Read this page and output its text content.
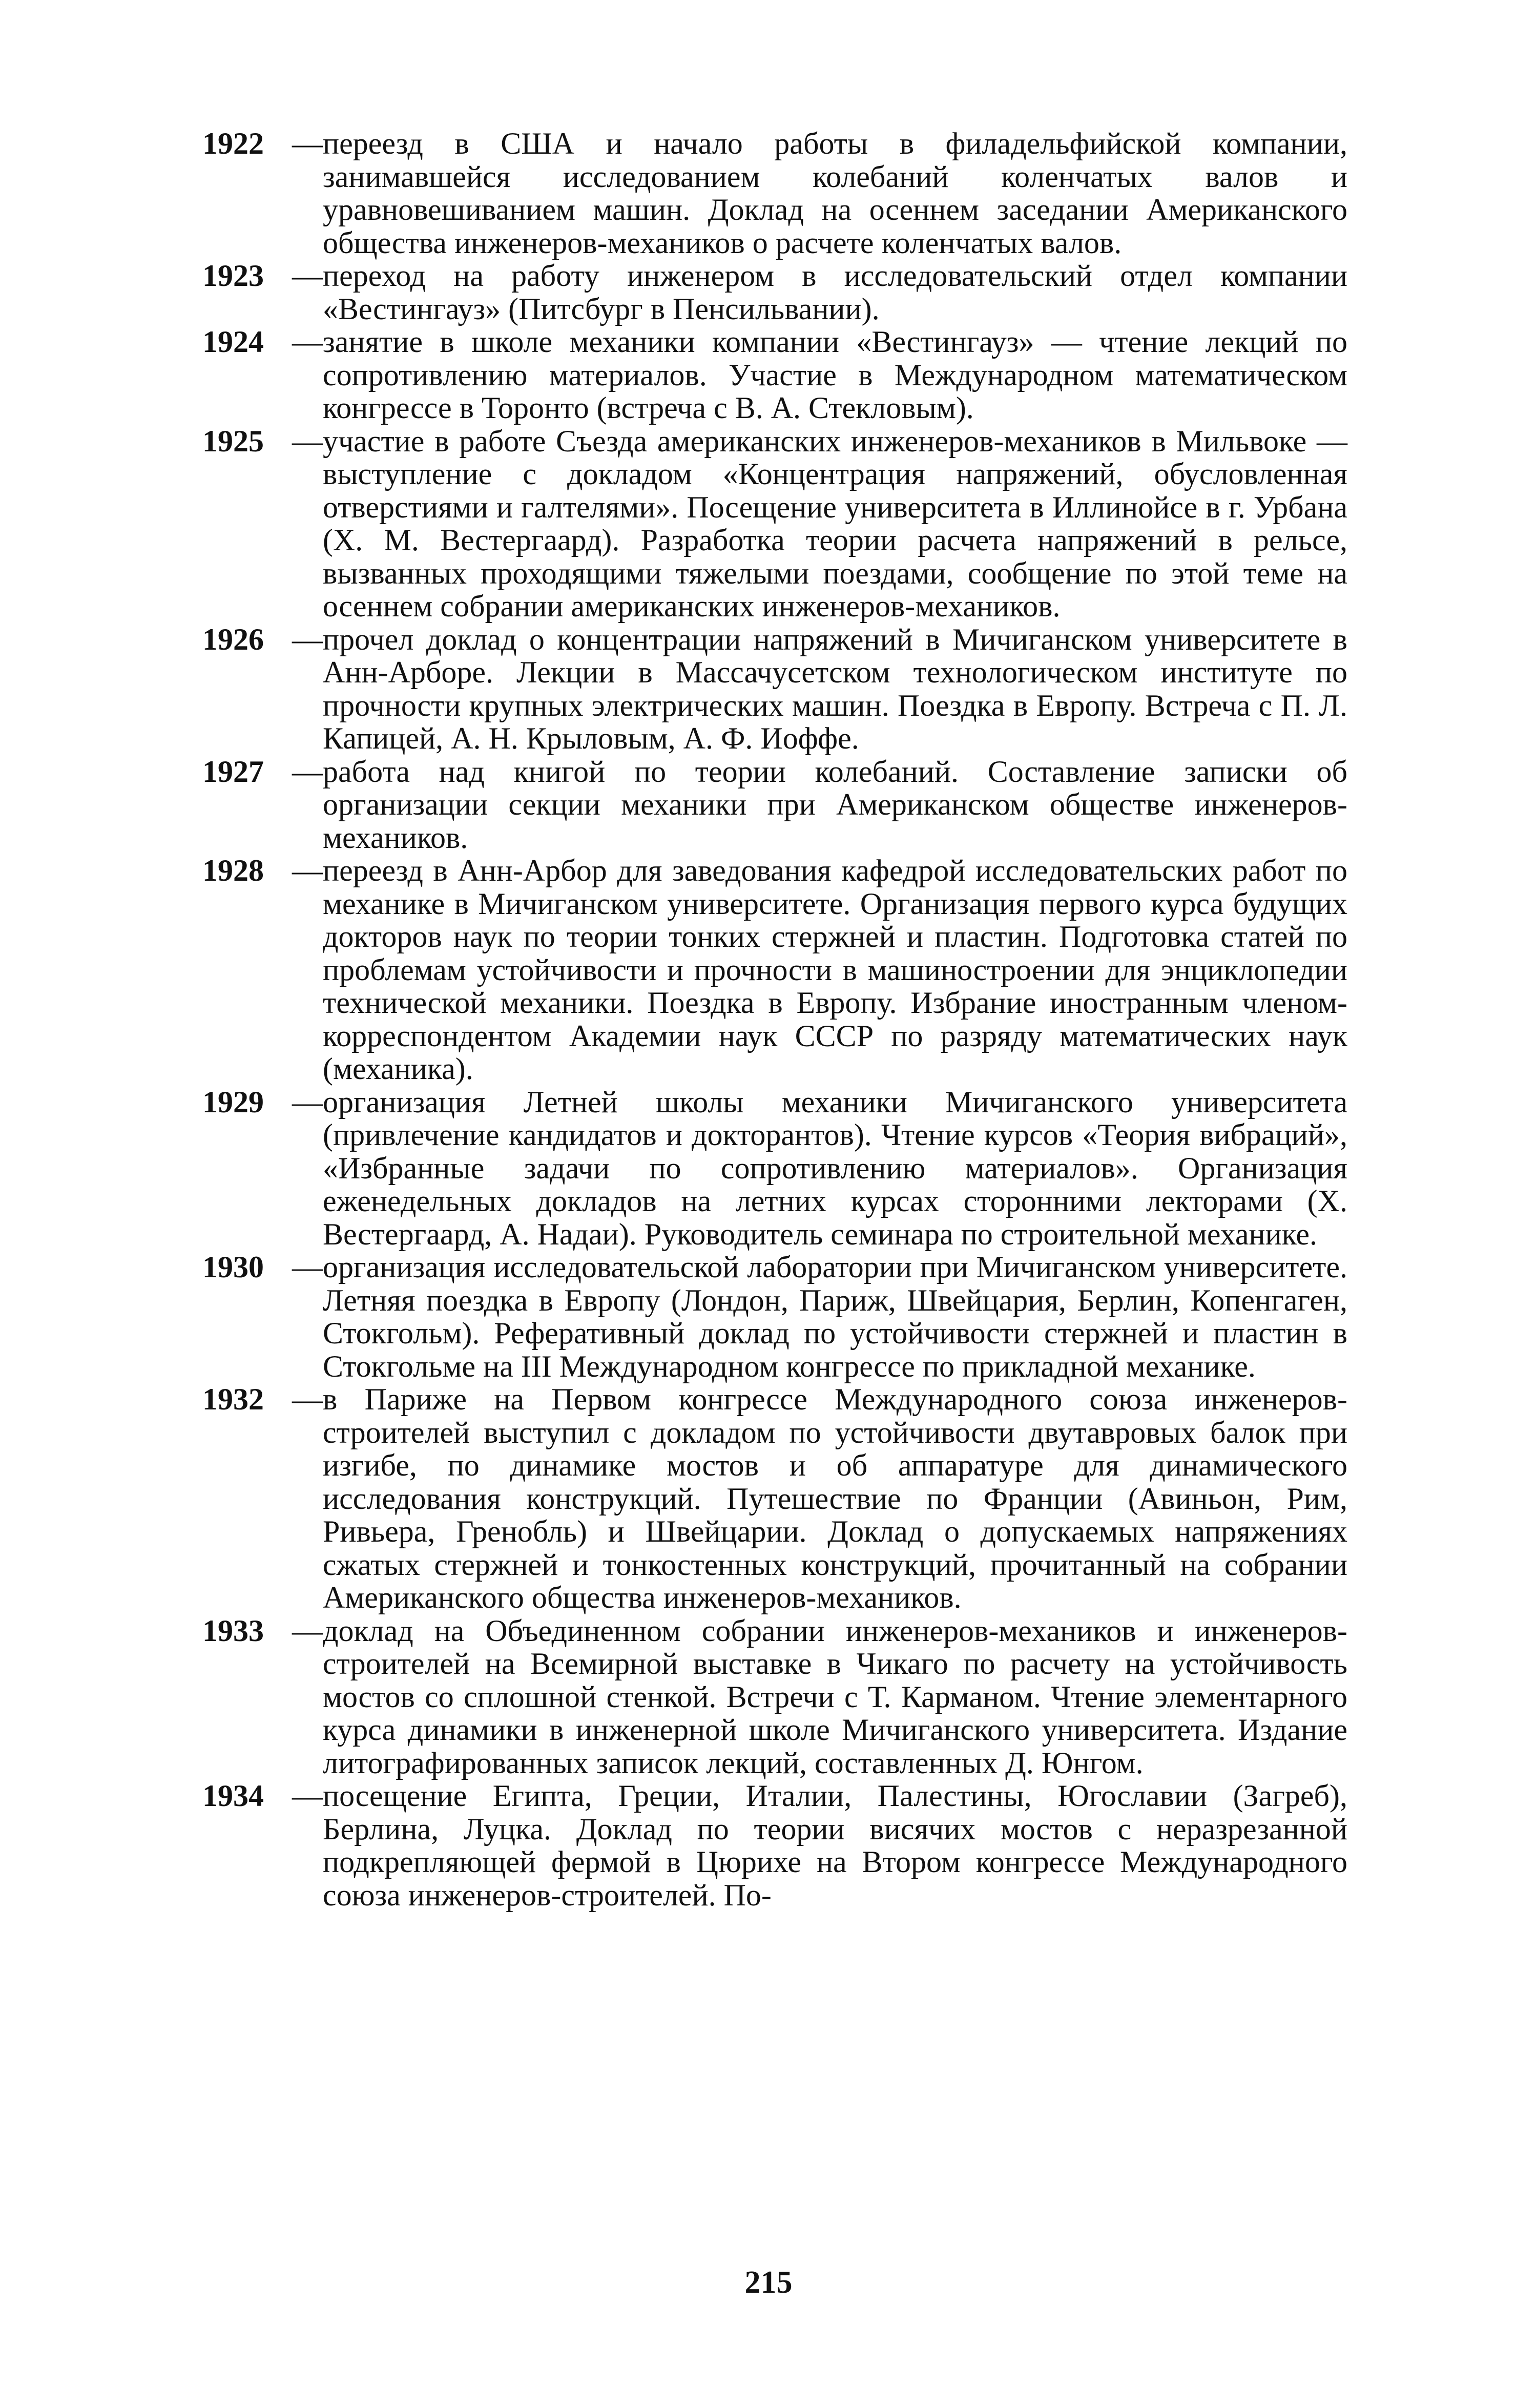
1922 — переезд в США и начало работы в филадельфийской компании, занимавшейся исследованием колебаний коленчатых валов и уравновешиванием машин. Доклад на осеннем заседании Американского общества инженеров-механиков о расчете коленчатых валов.
1923 — переход на работу инженером в исследовательский отдел компании «Вестингауз» (Питсбург в Пенсильвании).
1924 — занятие в школе механики компании «Вестингауз» — чтение лекций по сопротивлению материалов. Участие в Международном математическом конгрессе в Торонто (встреча с В. А. Стекловым).
1925 — участие в работе Съезда американских инженеров-механиков в Мильвоке — выступление с докладом «Концентрация напряжений, обусловленная отверстиями и галтелями». Посещение университета в Иллинойсе в г. Урбана (Х. М. Вестергаард). Разработка теории расчета напряжений в рельсе, вызванных проходящими тяжелыми поездами, сообщение по этой теме на осеннем собрании американских инженеров-механиков.
1926 — прочел доклад о концентрации напряжений в Мичиганском университете в Анн-Арборе. Лекции в Массачусетском технологическом институте по прочности крупных электрических машин. Поездка в Европу. Встреча с П. Л. Капицей, А. Н. Крыловым, А. Ф. Иоффе.
1927 — работа над книгой по теории колебаний. Составление записки об организации секции механики при Американском обществе инженеров-механиков.
1928 — переезд в Анн-Арбор для заведования кафедрой исследовательских работ по механике в Мичиганском университете. Организация первого курса будущих докторов наук по теории тонких стержней и пластин. Подготовка статей по проблемам устойчивости и прочности в машиностроении для энциклопедии технической механики. Поездка в Европу. Избрание иностранным членом-корреспондентом Академии наук СССР по разряду математических наук (механика).
1929 — организация Летней школы механики Мичиганского университета (привлечение кандидатов и докторантов). Чтение курсов «Теория вибраций», «Избранные задачи по сопротивлению материалов». Организация еженедельных докладов на летних курсах сторонними лекторами (Х. Вестергаард, А. Надаи). Руководитель семинара по строительной механике.
1930 — организация исследовательской лаборатории при Мичиганском университете. Летняя поездка в Европу (Лондон, Париж, Швейцария, Берлин, Копенгаген, Стокгольм). Реферативный доклад по устойчивости стержней и пластин в Стокгольме на III Международном конгрессе по прикладной механике.
1932 — в Париже на Первом конгрессе Международного союза инженеров-строителей выступил с докладом по устойчивости двутавровых балок при изгибе, по динамике мостов и об аппаратуре для динамического исследования конструкций. Путешествие по Франции (Авиньон, Рим, Ривьера, Гренобль) и Швейцарии. Доклад о допускаемых напряжениях сжатых стержней и тонкостенных конструкций, прочитанный на собрании Американского общества инженеров-механиков.
1933 — доклад на Объединенном собрании инженеров-механиков и инженеров-строителей на Всемирной выставке в Чикаго по расчету на устойчивость мостов со сплошной стенкой. Встречи с Т. Карманом. Чтение элементарного курса динамики в инженерной школе Мичиганского университета. Издание литографированных записок лекций, составленных Д. Юнгом.
1934 — посещение Египта, Греции, Италии, Палестины, Югославии (Загреб), Берлина, Луцка. Доклад по теории висячих мостов с неразрезанной подкрепляющей фермой в Цюрихе на Втором конгрессе Международного союза инженеров-строителей. По-
215
